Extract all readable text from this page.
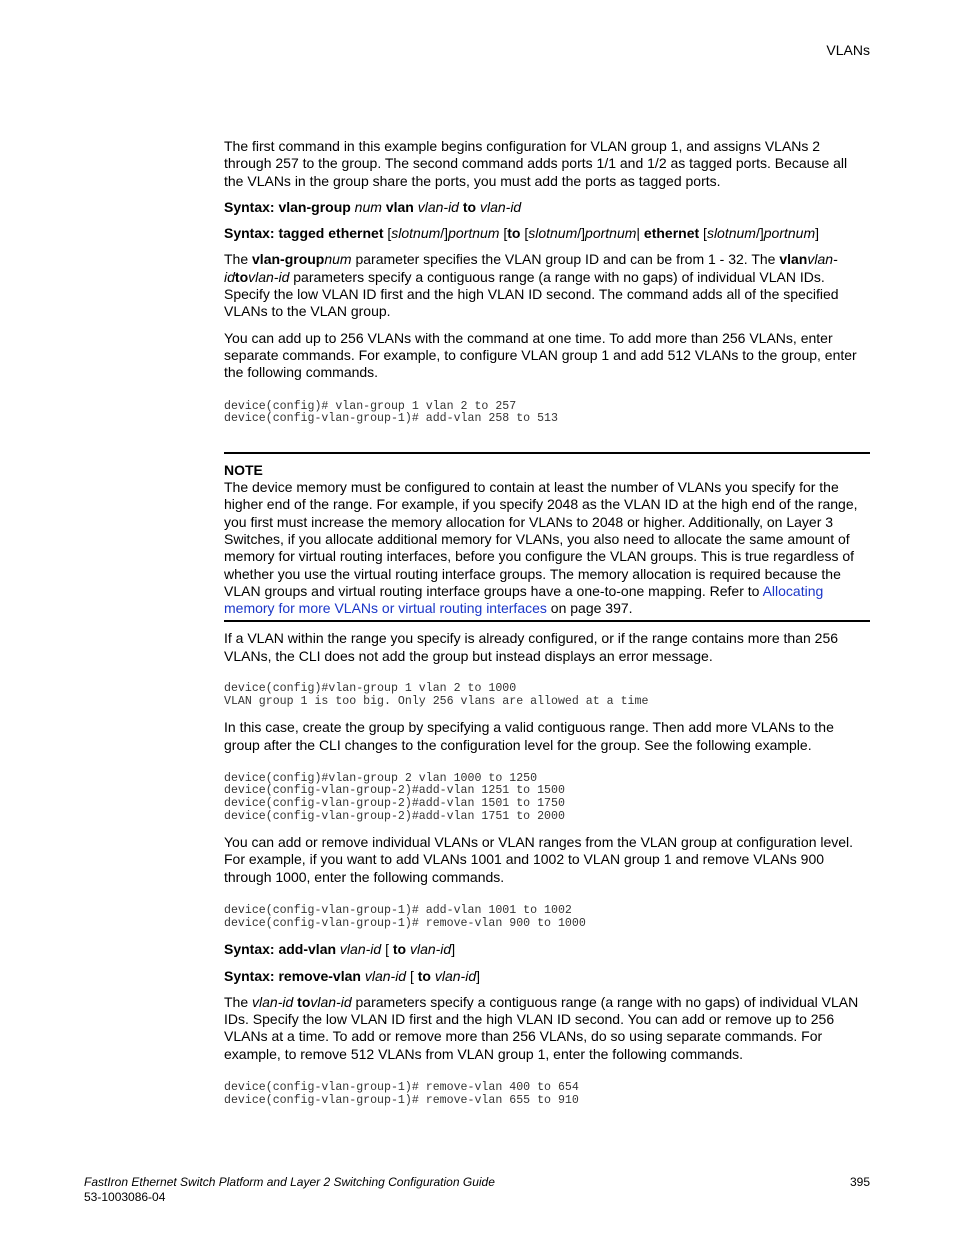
VLANs

The first command in this example begins configuration for VLAN group 1, and assigns VLANs 2 through 257 to the group. The second command adds ports 1/1 and 1/2 as tagged ports. Because all the VLANs in the group share the ports, you must add the ports as tagged ports.

Syntax: vlan-group num vlan vlan-id to vlan-id
Syntax: tagged ethernet [slotnum/]portnum [to [slotnum/]portnum| ethernet [slotnum/]portnum]

The vlan-groupnum parameter specifies the VLAN group ID and can be from 1 - 32. The vlanvlan-idtovlan-id parameters specify a contiguous range (a range with no gaps) of individual VLAN IDs. Specify the low VLAN ID first and the high VLAN ID second. The command adds all of the specified VLANs to the VLAN group.

You can add up to 256 VLANs with the command at one time. To add more than 256 VLANs, enter separate commands. For example, to configure VLAN group 1 and add 512 VLANs to the group, enter the following commands.

device(config)# vlan-group 1 vlan 2 to 257
device(config-vlan-group-1)# add-vlan 258 to 513
NOTE
The device memory must be configured to contain at least the number of VLANs you specify for the higher end of the range. For example, if you specify 2048 as the VLAN ID at the high end of the range, you first must increase the memory allocation for VLANs to 2048 or higher. Additionally, on Layer 3 Switches, if you allocate additional memory for VLANs, you also need to allocate the same amount of memory for virtual routing interfaces, before you configure the VLAN groups. This is true regardless of whether you use the virtual routing interface groups. The memory allocation is required because the VLAN groups and virtual routing interface groups have a one-to-one mapping. Refer to Allocating memory for more VLANs or virtual routing interfaces on page 397.

If a VLAN within the range you specify is already configured, or if the range contains more than 256 VLANs, the CLI does not add the group but instead displays an error message.

device(config)#vlan-group 1 vlan 2 to 1000
VLAN group 1 is too big. Only 256 vlans are allowed at a time

In this case, create the group by specifying a valid contiguous range. Then add more VLANs to the group after the CLI changes to the configuration level for the group. See the following example.

device(config)#vlan-group 2 vlan 1000 to 1250
device(config-vlan-group-2)#add-vlan 1251 to 1500
device(config-vlan-group-2)#add-vlan 1501 to 1750
device(config-vlan-group-2)#add-vlan 1751 to 2000

You can add or remove individual VLANs or VLAN ranges from the VLAN group at configuration level. For example, if you want to add VLANs 1001 and 1002 to VLAN group 1 and remove VLANs 900 through 1000, enter the following commands.

device(config-vlan-group-1)# add-vlan 1001 to 1002
device(config-vlan-group-1)# remove-vlan 900 to 1000
Syntax: add-vlan vlan-id [ to vlan-id]
Syntax: remove-vlan vlan-id [ to vlan-id]

The vlan-id tovlan-id parameters specify a contiguous range (a range with no gaps) of individual VLAN IDs. Specify the low VLAN ID first and the high VLAN ID second. You can add or remove up to 256 VLANs at a time. To add or remove more than 256 VLANs, do so using separate commands. For example, to remove 512 VLANs from VLAN group 1, enter the following commands.

device(config-vlan-group-1)# remove-vlan 400 to 654
device(config-vlan-group-1)# remove-vlan 655 to 910
FastIron Ethernet Switch Platform and Layer 2 Switching Configuration Guide
53-1003086-04
395
